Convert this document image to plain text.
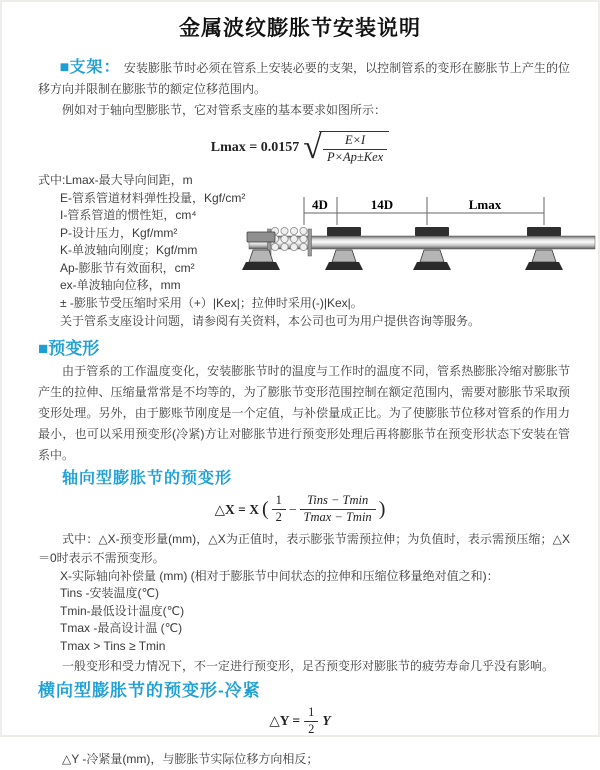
金属波纹膨胀节安装说明

■支架： 安装膨胀节时必须在管系上安装必要的支架，以控制管系的变形在膨胀节上产生的位移方向并限制在膨胀节的额定位移范围内。

例如对于轴向型膨胀节，它对管系支座的基本要求如图所示：

Lmax = 0.0157 √ $\frac{E\times I}{\text{P×Ap±Kex}}$
式中:Lmax-最大导向间距，m
E-管系管道材料弹性投量，Kgf/cm²
I-管系管道的惯性矩，cm⁴
P-设计压力，Kgf/mm²
K-单波轴向刚度；Kgf/mm
Ap-膨胀节有效面积，cm²
ex-单波轴向位移，mm
± -膨胀节受压缩时采用（+）|Kex|；拉伸时采用(-)|Kex|。
关于管系支座设计问题，请参阅有关资料，本公司也可为用户提供咨询等服务。
4D	14D	Lmax
■预变形

由于管系的工作温度变化，安装膨胀节时的温度与工作时的温度不同，管系热膨胀冷缩对膨胀节产生的拉伸、压缩量常常是不均等的，为了膨胀节变形范围控制在额定范围内，需要对膨胀节采取预变形处理。另外，由于膨账节刚度是一个定值，与补偿量成正比。为了使膨胀节位移对管系的作用力最小，也可以采用预变形(冷紧)方让对膨胀节进行预变形处理后再将膨胀节在预变形状态下安装在管系中。

轴向型膨胀节的预变形
△X = X ( $\frac{1}{2} - \frac{\text{Tins − Tmin}}{Tmax - Tmin}$ )

式中：△X-预变形量(mm)，△X为正值时，表示膨张节需预拉伸；为负值时，表示需预压缩；△X＝0时表示不需预变形。

X-实际轴向补偿量 (mm) (相对于膨胀节中间状态的拉伸和压缩位移量绝对值之和)：
Tins -安装温度(℃)
Tmin-最低设计温度(℃)
Tmax -最高设计温 (℃)
Tmax > Tins ≥ Tmin

一般变形和受力情况下，不一定进行预变形，足否预变形对膨胀节的疲劳寿命几乎没有影响。

横向型膨胀节的预变形-冷紧
△Y = $\frac{1}{2}$ Y

△Y -冷紧量(mm)，与膨胀节实际位移方向相反；
